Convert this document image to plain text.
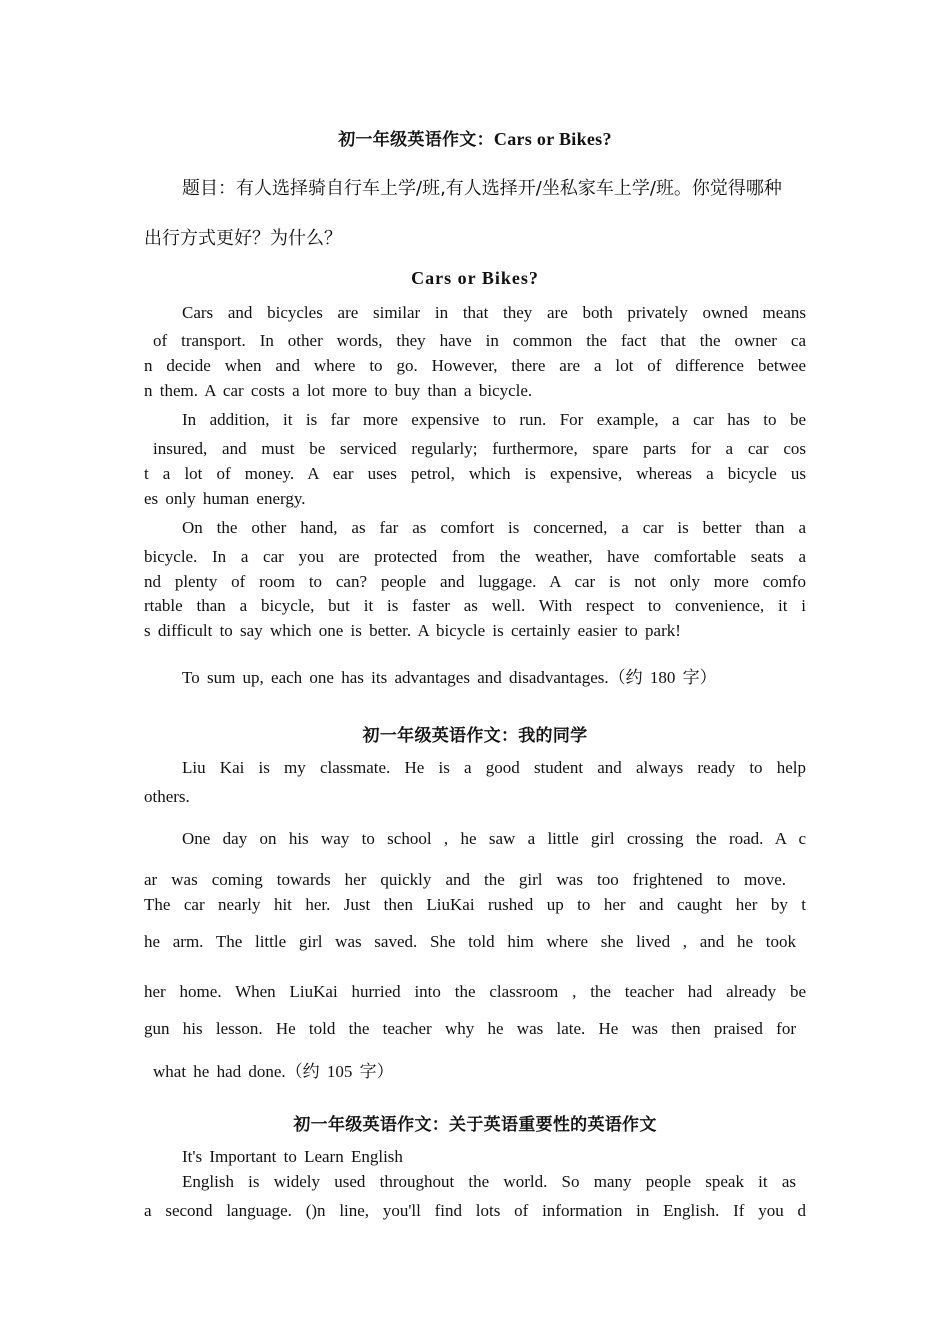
初一年级英语作文：Cars or Bikes?
题目：有人选择骑自行车上学/班,有人选择开/坐私家车上学/班。你觉得哪种
出行方式更好？为什么？
Cars or Bikes?
Cars and bicycles are similar in that they are both privately owned means
of transport. In other words, they have in common the fact that the owner ca
n decide when and where to go. However, there are a lot of difference betwee
n them. A car costs a lot more to buy than a bicycle.
In addition, it is far more expensive to run. For example, a car has to be
insured, and must be serviced regularly; furthermore, spare parts for a car cos
t a lot of money. A ear uses petrol, which is expensive, whereas a bicycle us
es only human energy.
On the other hand, as far as comfort is concerned, a car is better than a
bicycle. In a car you are protected from the weather, have comfortable seats a
nd plenty of room to can? people and luggage. A car is not only more comfo
rtable than a bicycle, but it is faster as well. With respect to convenience, it i
s difficult to say which one is better. A bicycle is certainly easier to park!
To sum up, each one has its advantages and disadvantages.（约 180 字）
初一年级英语作文：我的同学
Liu Kai is my classmate. He is a good student and always ready to help
others.
One day on his way to school , he saw a little girl crossing the road. A c
ar was coming towards her quickly and the girl was too frightened to move.
The car nearly hit her. Just then LiuKai rushed up to her and caught her by t
he arm. The little girl was saved. She told him where she lived , and he took
her home. When LiuKai hurried into the classroom , the teacher had already be
gun his lesson. He told the teacher why he was late. He was then praised for
what he had done.（约 105 字）
初一年级英语作文：关于英语重要性的英语作文
It's Important to Learn English
English is widely used throughout the world. So many people speak it as
a second language. ()n line, you'll find lots of information in English. If you d
